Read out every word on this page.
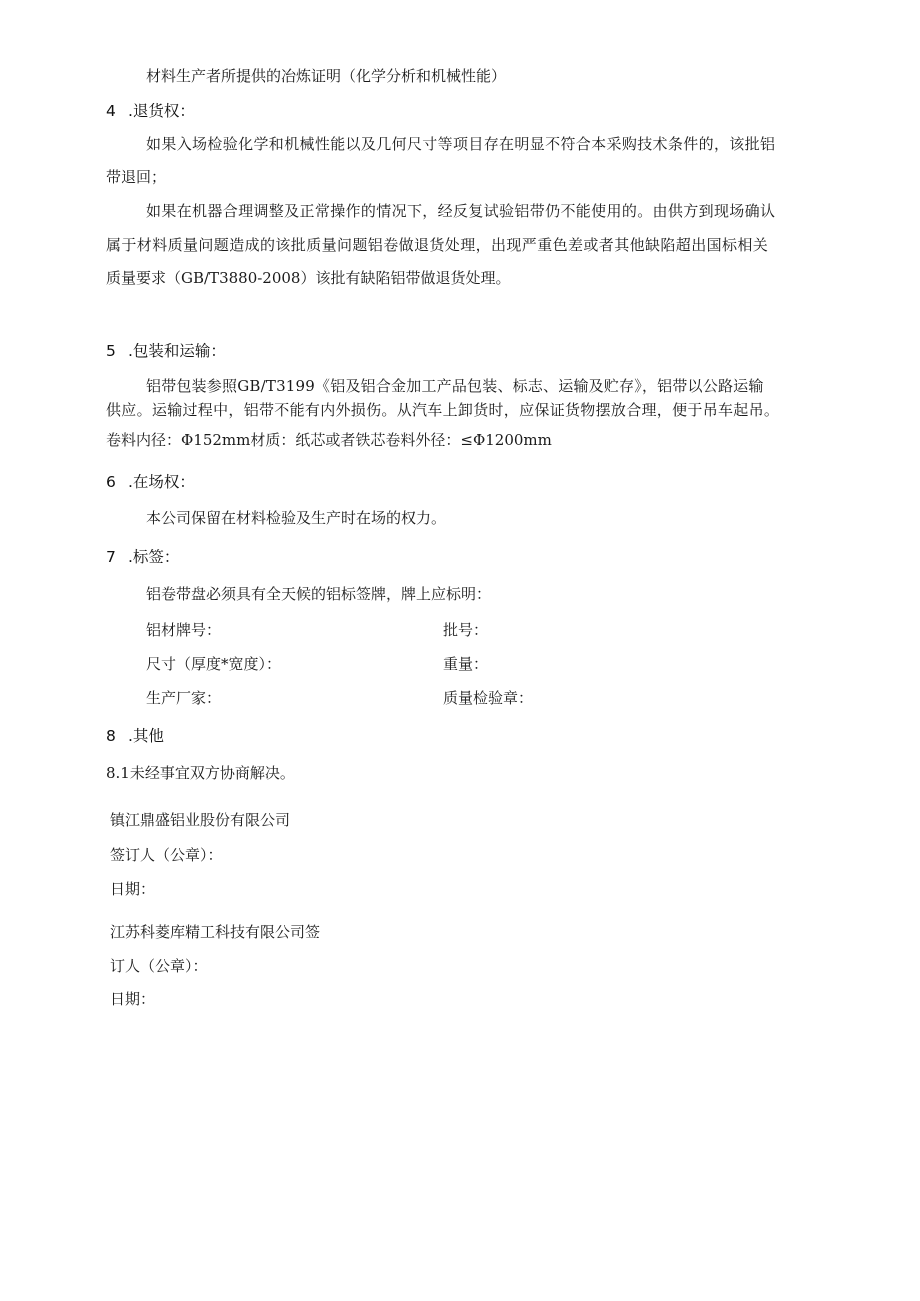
材料生产者所提供的冶炼证明（化学分析和机械性能）
4 .退货权：
如果入场检验化学和机械性能以及几何尺寸等项目存在明显不符合本采购技术条件的，该批铝
带退回；
如果在机器合理调整及正常操作的情况下，经反复试验铝带仍不能使用的。由供方到现场确认
属于材料质量问题造成的该批质量问题铝卷做退货处理，出现严重色差或者其他缺陷超出国标相关
质量要求（GB/T3880-2008）该批有缺陷铝带做退货处理。
5 .包装和运输：
铝带包装参照GB/T3199《铝及铝合金加工产品包装、标志、运输及贮存》，铝带以公路运输
供应。运输过程中，铝带不能有内外损伤。从汽车上卸货时，应保证货物摆放合理，便于吊车起吊。
卷料内径：Φ152mm材质：纸芯或者铁芯卷料外径：≤Φ1200mm
6 .在场权：
本公司保留在材料检验及生产时在场的权力。
7 .标签：
铝卷带盘必须具有全天候的铝标签牌，牌上应标明：
铝材牌号：	批号：
尺寸（厚度*宽度）：	重量：
生产厂家：	质量检验章：
8 .其他
8.1未经事宜双方协商解决。
镇江鼎盛铝业股份有限公司
签订人（公章）：
日期：
江苏科菱库精工科技有限公司签
订人（公章）：
日期：
